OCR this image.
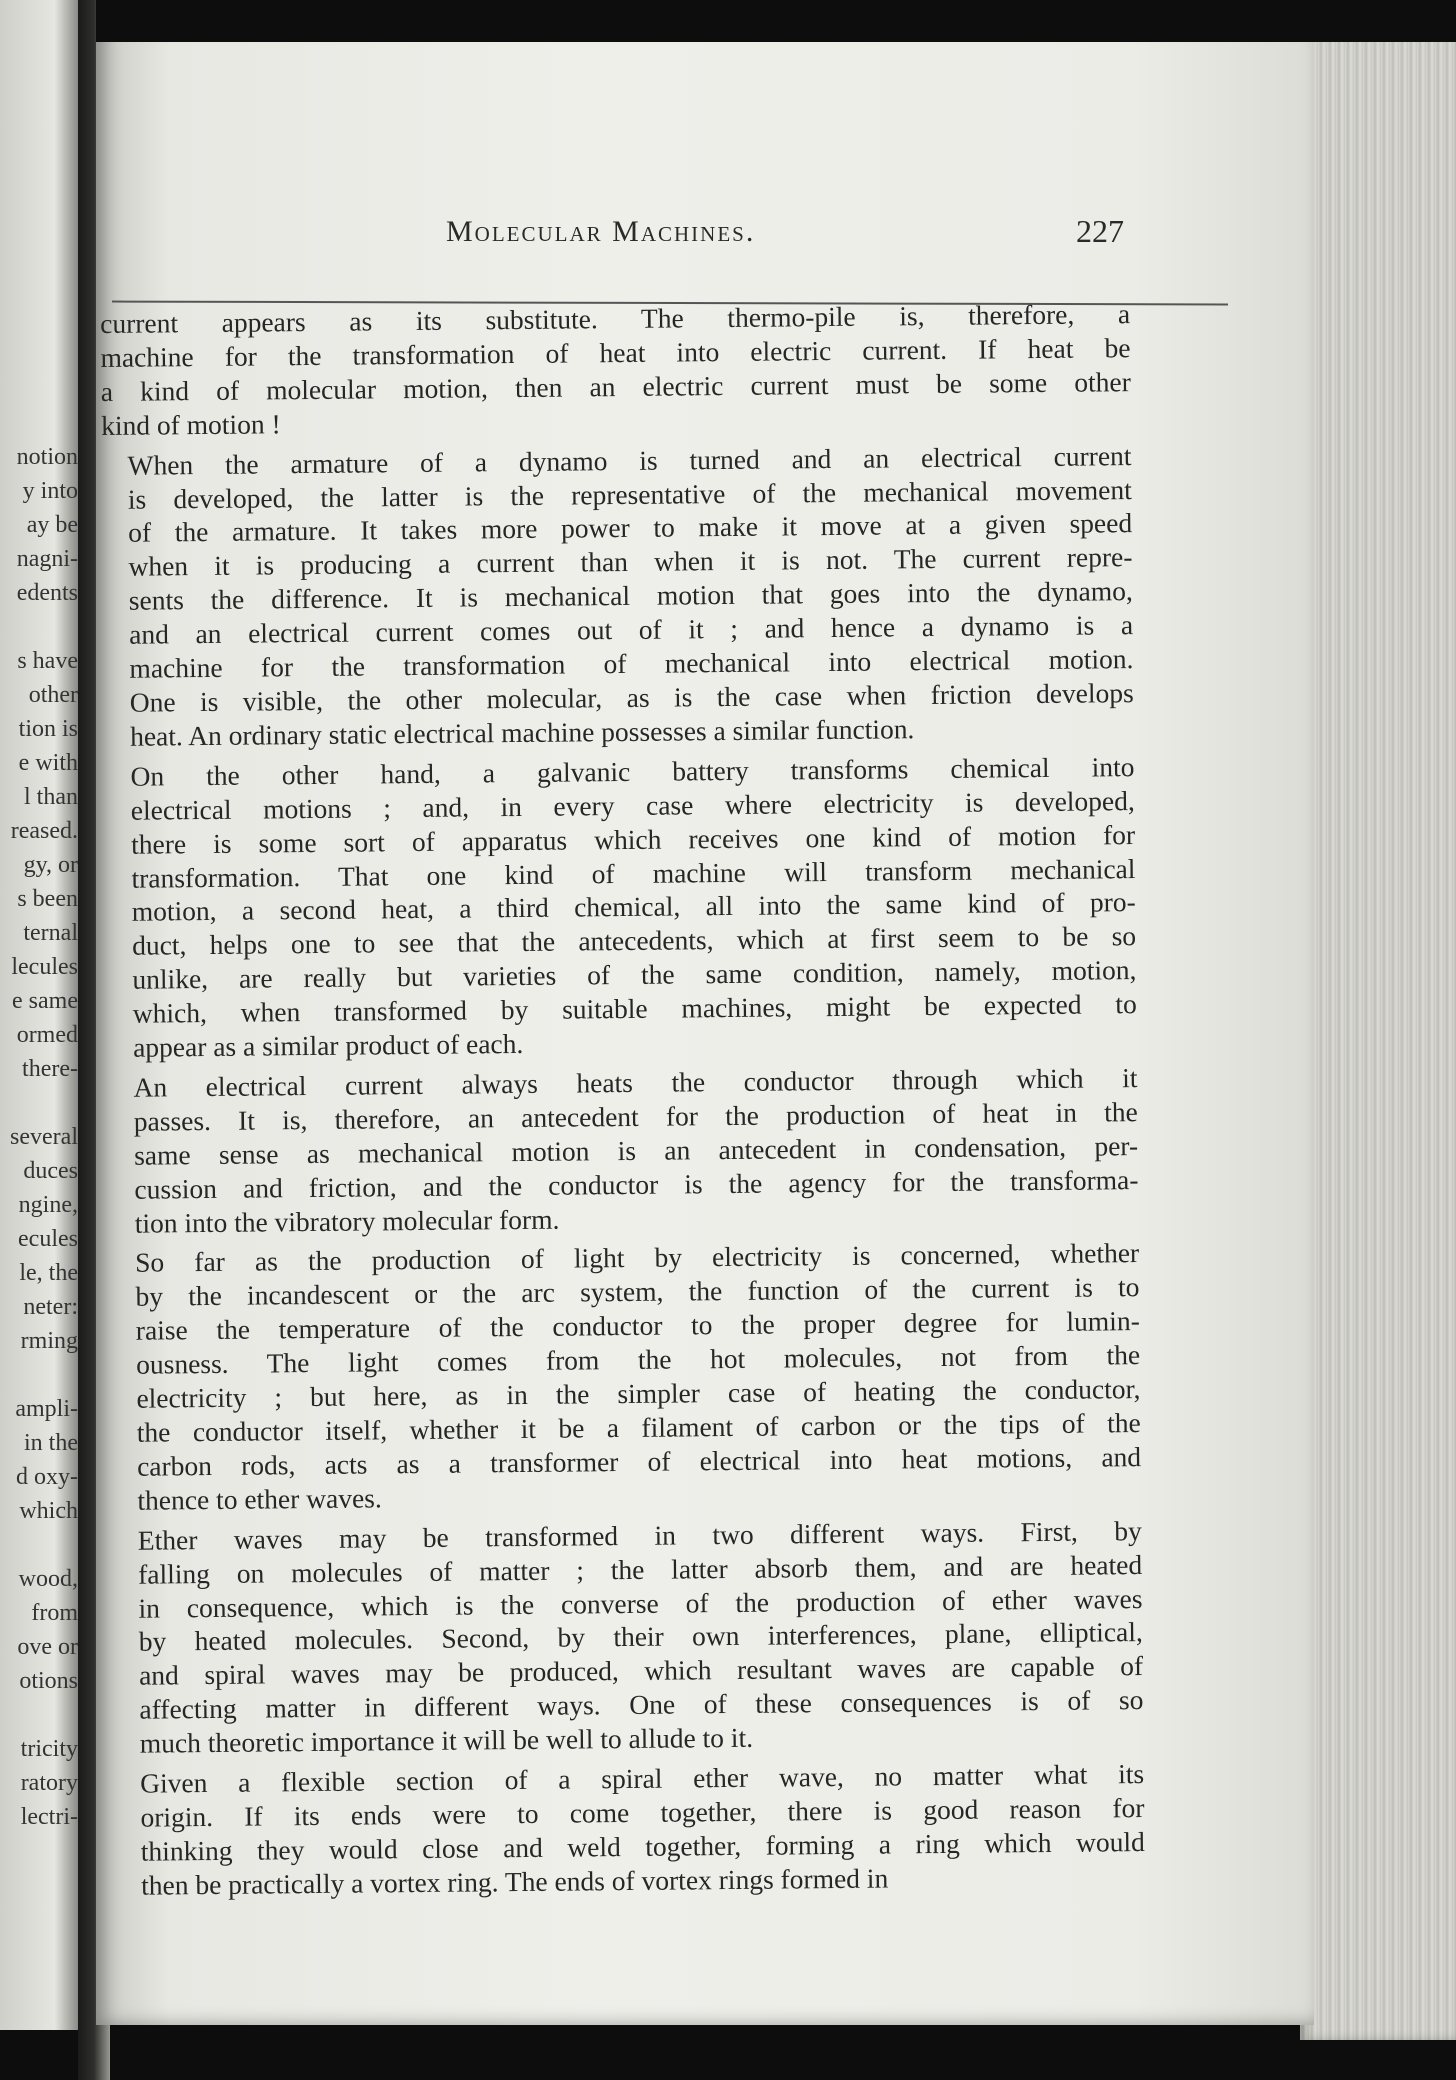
notion
y into
ay be
nagni-
edents
s have
other
tion is
e with
l than
reased.
gy, or
s been
ternal
lecules
e same
ormed
there-
several
duces
ngine,
ecules
le, the
neter:
rming
ampli-
in the
d oxy-
which
wood,
from
ove or
otions
tricity
ratory
lectri-
Molecular Machines.	227

current appears as its substitute. The thermo-pile is, therefore, a
machine for the transformation of heat into electric current. If heat be
a kind of molecular motion, then an electric current must be some other
kind of motion !

When the armature of a dynamo is turned and an electrical current
is developed, the latter is the representative of the mechanical movement
of the armature. It takes more power to make it move at a given speed
when it is producing a current than when it is not. The current repre-
sents the difference. It is mechanical motion that goes into the dynamo,
and an electrical current comes out of it ; and hence a dynamo is a
machine for the transformation of mechanical into electrical motion.
One is visible, the other molecular, as is the case when friction develops
heat. An ordinary static electrical machine possesses a similar function.

On the other hand, a galvanic battery transforms chemical into
electrical motions ; and, in every case where electricity is developed,
there is some sort of apparatus which receives one kind of motion for
transformation. That one kind of machine will transform mechanical
motion, a second heat, a third chemical, all into the same kind of pro-
duct, helps one to see that the antecedents, which at first seem to be so
unlike, are really but varieties of the same condition, namely, motion,
which, when transformed by suitable machines, might be expected to
appear as a similar product of each.

An electrical current always heats the conductor through which it
passes. It is, therefore, an antecedent for the production of heat in the
same sense as mechanical motion is an antecedent in condensation, per-
cussion and friction, and the conductor is the agency for the transforma-
tion into the vibratory molecular form.

So far as the production of light by electricity is concerned, whether
by the incandescent or the arc system, the function of the current is to
raise the temperature of the conductor to the proper degree for lumin-
ousness. The light comes from the hot molecules, not from the
electricity ; but here, as in the simpler case of heating the conductor,
the conductor itself, whether it be a filament of carbon or the tips of the
carbon rods, acts as a transformer of electrical into heat motions, and
thence to ether waves.

Ether waves may be transformed in two different ways. First, by
falling on molecules of matter ; the latter absorb them, and are heated
in consequence, which is the converse of the production of ether waves
by heated molecules. Second, by their own interferences, plane, elliptical,
and spiral waves may be produced, which resultant waves are capable of
affecting matter in different ways. One of these consequences is of so
much theoretic importance it will be well to allude to it.

Given a flexible section of a spiral ether wave, no matter what its
origin. If its ends were to come together, there is good reason for
thinking they would close and weld together, forming a ring which would
then be practically a vortex ring. The ends of vortex rings formed in
